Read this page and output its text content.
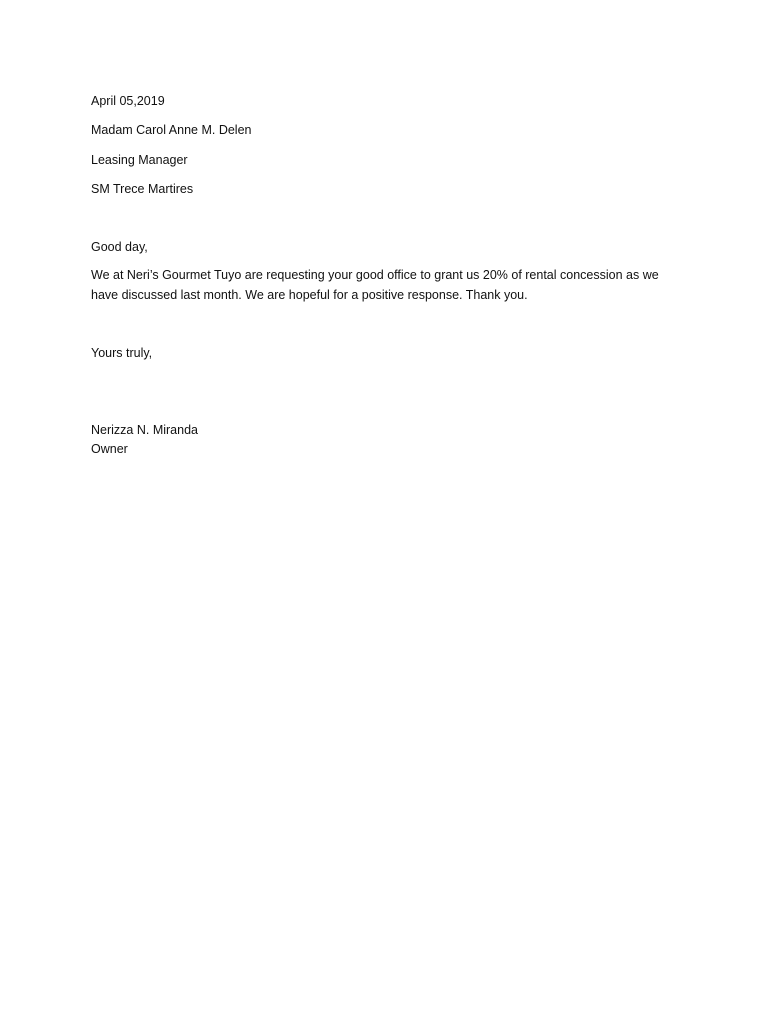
April 05,2019
Madam Carol Anne M. Delen
Leasing Manager
SM Trece Martires
Good day,
We at Neri’s Gourmet Tuyo are requesting your good office to grant us 20% of rental concession as we
have discussed last month. We are hopeful for a positive response. Thank you.
Yours truly,
Nerizza N. Miranda
Owner
